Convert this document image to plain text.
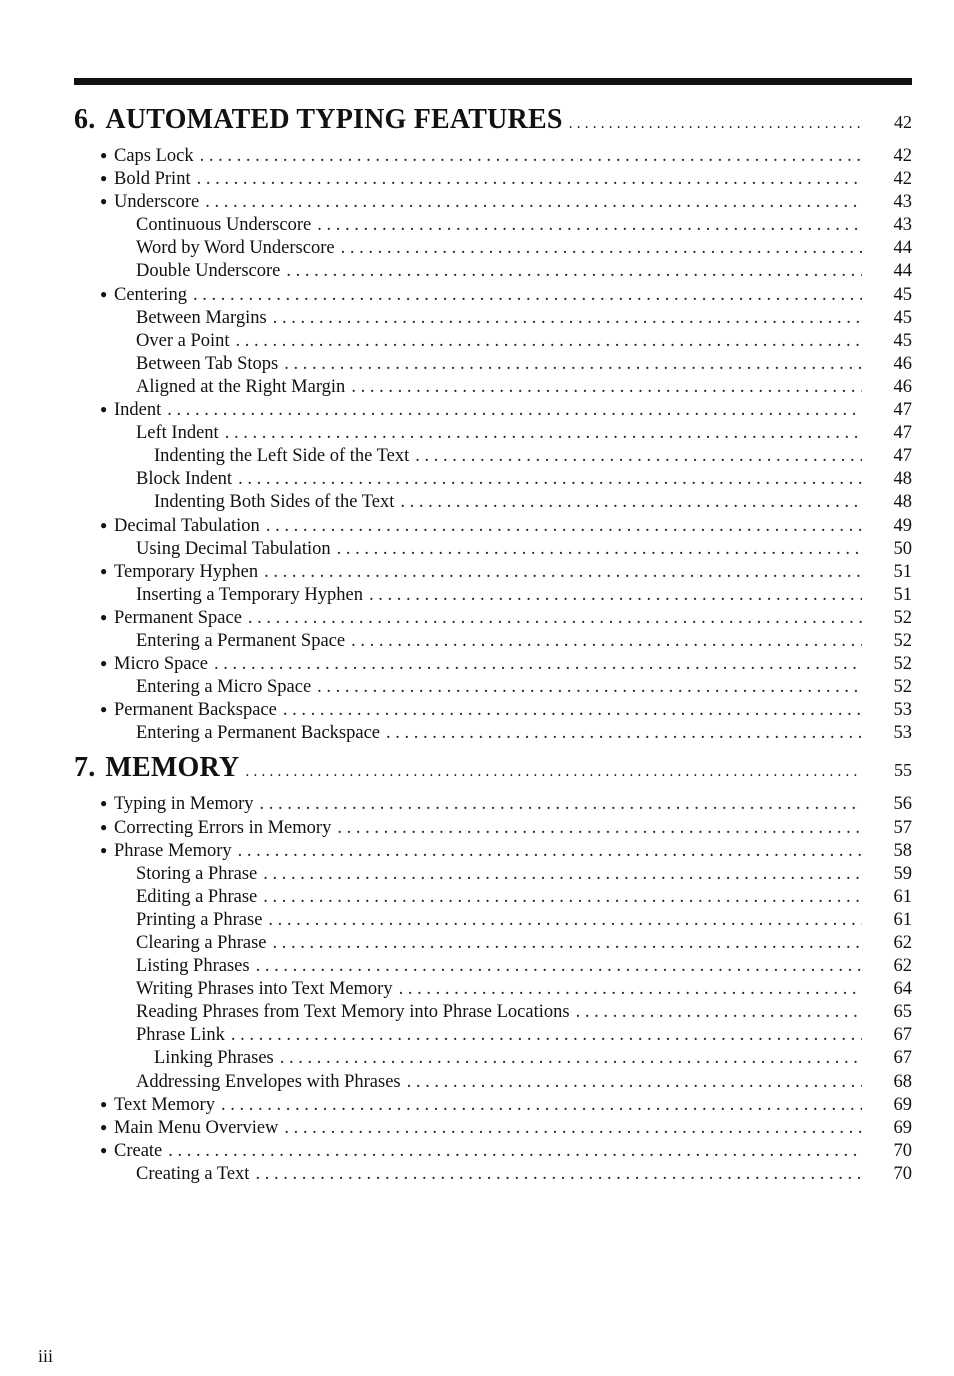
6. AUTOMATED TYPING FEATURES . . .	42
● Caps Lock . . .	42
● Bold Print . . .	42
● Underscore . . .	43
Continuous Underscore . . .	43
Word by Word Underscore . . .	44
Double Underscore . . .	44
● Centering . . .	45
Between Margins . . .	45
Over a Point . . .	45
Between Tab Stops . . .	46
Aligned at the Right Margin . . .	46
● Indent . . .	47
Left Indent . . .	47
Indenting the Left Side of the Text . . .	47
Block Indent . . .	48
Indenting Both Sides of the Text . . .	48
● Decimal Tabulation . . .	49
Using Decimal Tabulation . . .	50
● Temporary Hyphen . . .	51
Inserting a Temporary Hyphen . . .	51
● Permanent Space . . .	52
Entering a Permanent Space . . .	52
● Micro Space . . .	52
Entering a Micro Space . . .	52
● Permanent Backspace . . .	53
Entering a Permanent Backspace . . .	53
7. MEMORY . . .	55
● Typing in Memory . . .	56
● Correcting Errors in Memory . . .	57
● Phrase Memory . . .	58
Storing a Phrase . . .	59
Editing a Phrase . . .	61
Printing a Phrase . . .	61
Clearing a Phrase . . .	62
Listing Phrases . . .	62
Writing Phrases into Text Memory . . .	64
Reading Phrases from Text Memory into Phrase Locations . . .	65
Phrase Link . . .	67
Linking Phrases . . .	67
Addressing Envelopes with Phrases . . .	68
● Text Memory . . .	69
● Main Menu Overview . . .	69
● Create . . .	70
Creating a Text . . .	70
iii
